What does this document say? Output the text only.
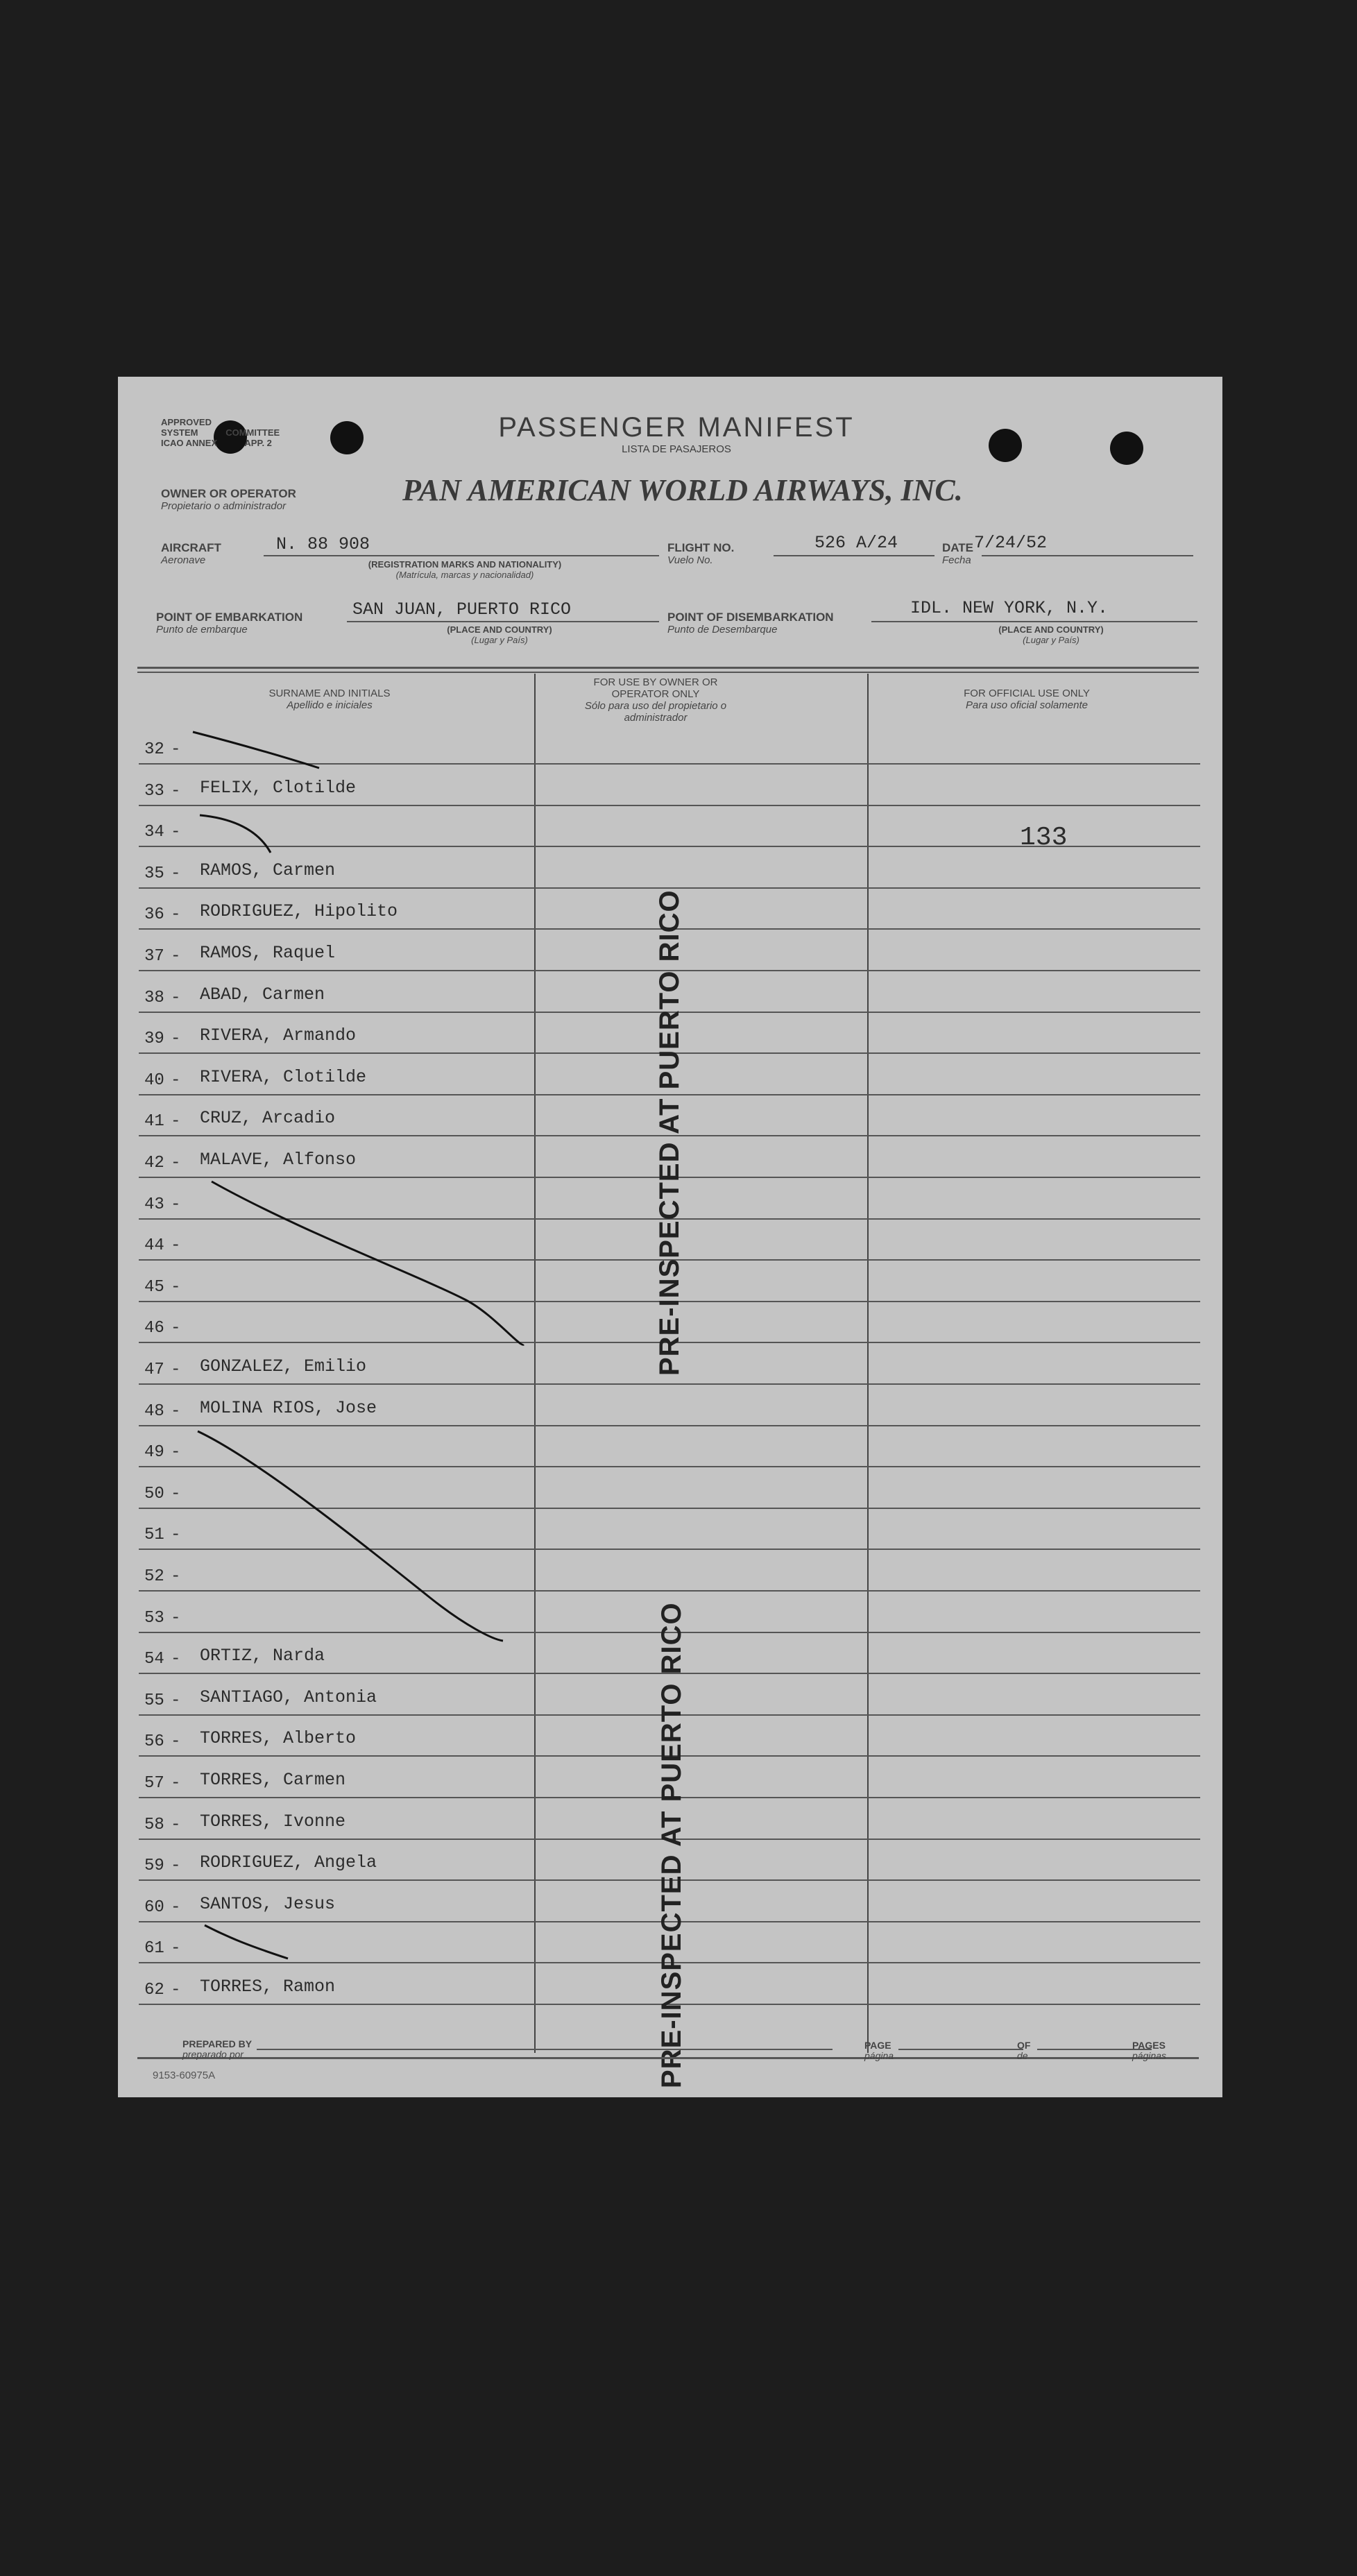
APPROVED
SYSTEM	COMMITTEE
ICAO ANNEX	APP. 2
PASSENGER MANIFEST
LISTA DE PASAJEROS
OWNER OR OPERATOR
Propietario o administrador	PAN AMERICAN WORLD AIRWAYS, INC.
AIRCRAFT
Aeronave
N. 88 908
(REGISTRATION MARKS AND NATIONALITY)
(Matrícula, marcas y nacionalidad)
FLIGHT NO.
Vuelo No.
526 A/24	DATE
Fecha
7/24/52
POINT OF EMBARKATION
Punto de embarque
SAN JUAN, PUERTO RICO
(PLACE AND COUNTRY)
(Lugar y País)
POINT OF DISEMBARKATION
Punto de Desembarque
IDL. NEW YORK, N.Y.
(PLACE AND COUNTRY)
(Lugar y País)
SURNAME AND INITIALS
Apellido e iniciales
FOR USE BY OWNER OR OPERATOR ONLY
Sólo para uso del propietario o administrador
FOR OFFICIAL USE ONLY
Para uso oficial solamente
32 -
33 - FELIX, Clotilde
34 -
35 - RAMOS, Carmen
36 - RODRIGUEZ, Hipolito
37 - RAMOS, Raquel
38 - ABAD, Carmen
39 - RIVERA, Armando
40 - RIVERA, Clotilde
41 - CRUZ, Arcadio
42 - MALAVE, Alfonso
43 -
44 -
45 -
46 -
47 - GONZALEZ, Emilio
48 - MOLINA RIOS, Jose
49 -
50 -
51 -
52 -
53 -
54 - ORTIZ, Narda
55 - SANTIAGO, Antonia
56 - TORRES, Alberto
57 - TORRES, Carmen
58 - TORRES, Ivonne
59 - RODRIGUEZ, Angela
60 - SANTOS, Jesus
61 -
62 - TORRES, Ramon
133
PRE-INSPECTED AT PUERTO RICO
PRE-INSPECTED AT PUERTO RICO
PREPARED BY
preparado por
PAGE
página
OF
de
PAGES
páginas
9153-60975A
